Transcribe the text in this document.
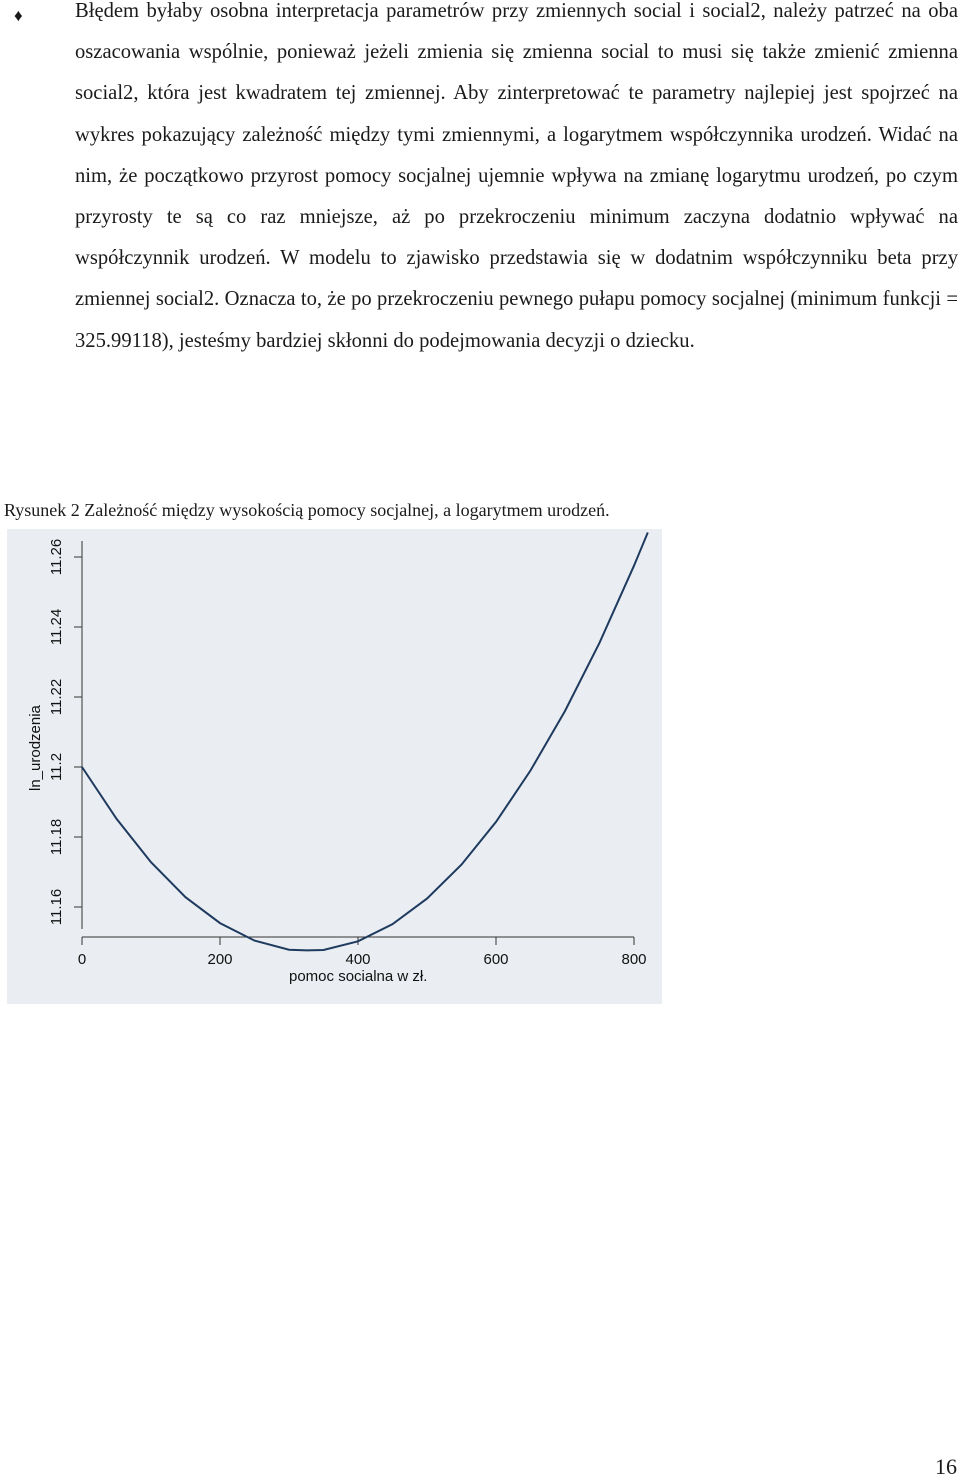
♦	Błędem byłaby osobna interpretacja parametrów przy zmiennych social i social2, należy patrzeć na oba oszacowania wspólnie, ponieważ jeżeli zmienia się zmienna social to musi się także zmienić zmienna social2, która jest kwadratem tej zmiennej. Aby zinterpretować te parametry najlepiej jest spojrzeć na wykres pokazujący zależność między tymi zmiennymi, a logarytmem współczynnika urodzeń. Widać na nim, że początkowo przyrost pomocy socjalnej ujemnie wpływa na zmianę logarytmu urodzeń, po czym przyrosty te są co raz mniejsze, aż po przekroczeniu minimum zaczyna dodatnio wpływać na współczynnik urodzeń. W modelu to zjawisko przedstawia się w dodatnim współczynniku beta przy zmiennej social2. Oznacza to, że po przekroczeniu pewnego pułapu pomocy socjalnej (minimum funkcji = 325.99118), jesteśmy bardziej skłonni do podejmowania decyzji o dziecku.

Rysunek 2 Zależność między wysokością pomocy socjalnej, a logarytmem urodzeń.

11.16
11.18
11.2
11.22
11.24
11.26
0	200	400	600	800
pomoc socialna w zł.
ln_urodzenia
16
